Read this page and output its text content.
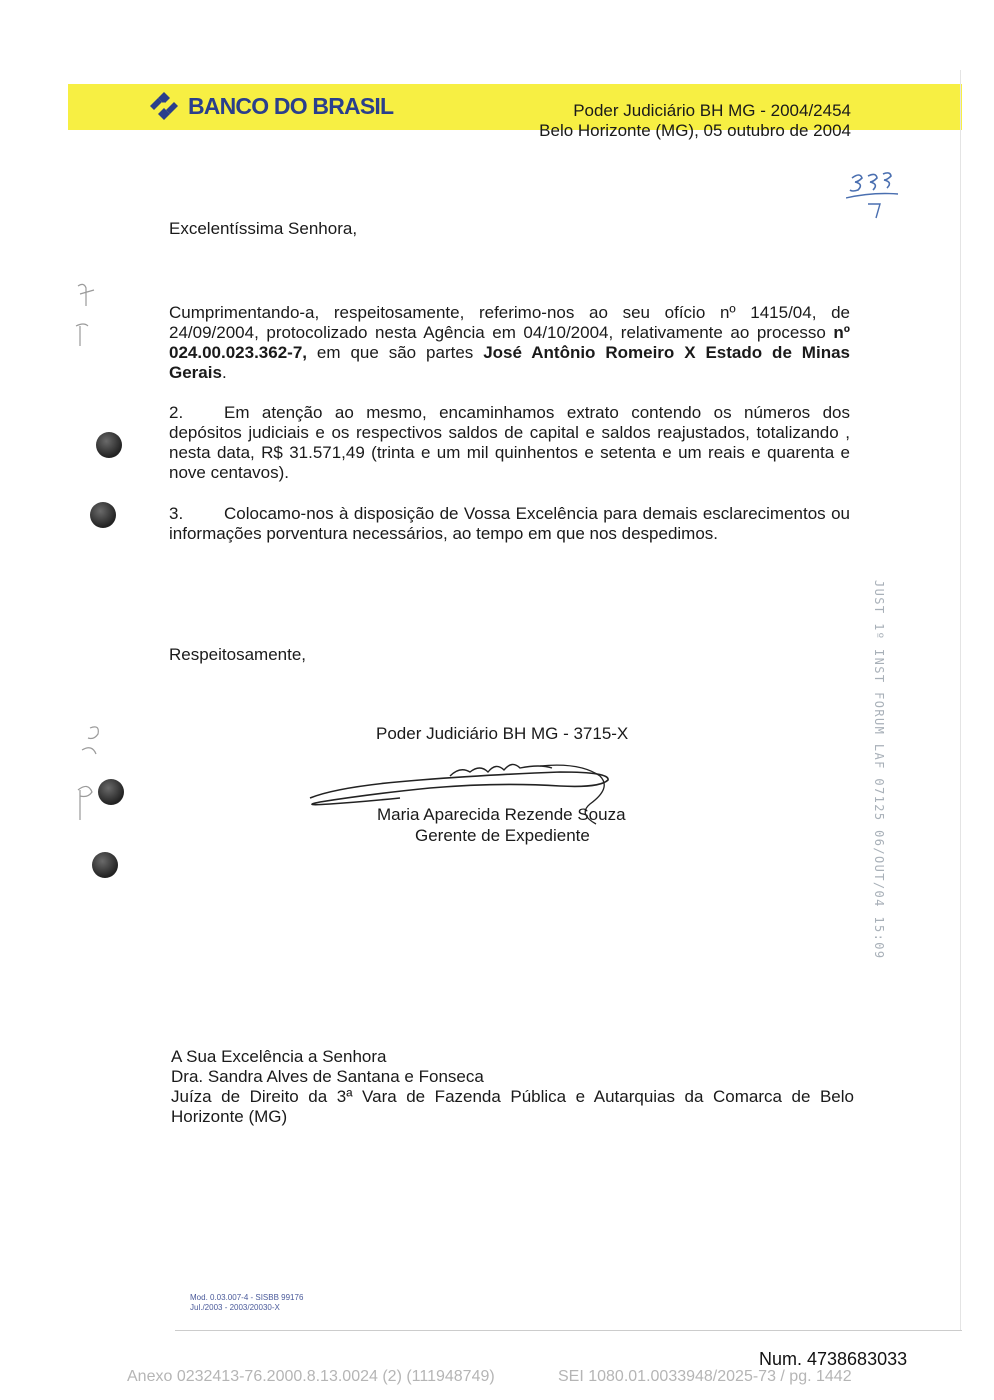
BANCO DO BRASIL	Poder Judiciário BH MG - 2004/2454
Belo Horizonte (MG), 05 outubro de 2004
Excelentíssima Senhora,
Cumprimentando-a, respeitosamente, referimo-nos ao seu ofício nº 1415/04, de 24/09/2004, protocolizado nesta Agência em 04/10/2004, relativamente ao processo nº 024.00.023.362-7, em que são partes José Antônio Romeiro X Estado de Minas Gerais.
2. Em atenção ao mesmo, encaminhamos extrato contendo os números dos depósitos judiciais e os respectivos saldos de capital e saldos reajustados, totalizando , nesta data, R$ 31.571,49 (trinta e um mil quinhentos e setenta e um reais e quarenta e nove centavos).
3. Colocamo-nos à disposição de Vossa Excelência para demais esclarecimentos ou informações porventura necessários, ao tempo em que nos despedimos.
Respeitosamente,
Poder Judiciário BH MG - 3715-X
Maria Aparecida Rezende Souza
Gerente de Expediente	JUST 1º INST FORUM LAF 07125 06/OUT/04 15:09
A Sua Excelência a Senhora
Dra. Sandra Alves de Santana e Fonseca
Juíza de Direito da 3ª Vara de Fazenda Pública e Autarquias da Comarca de Belo Horizonte (MG)
Mod. 0.03.007-4 - SISBB 99176
Jul./2003 - 2003/20030-X
Num. 4738683033
Anexo 0232413-76.2000.8.13.0024 (2) (111948749)	SEI 1080.01.0033948/2025-73 / pg. 1442
